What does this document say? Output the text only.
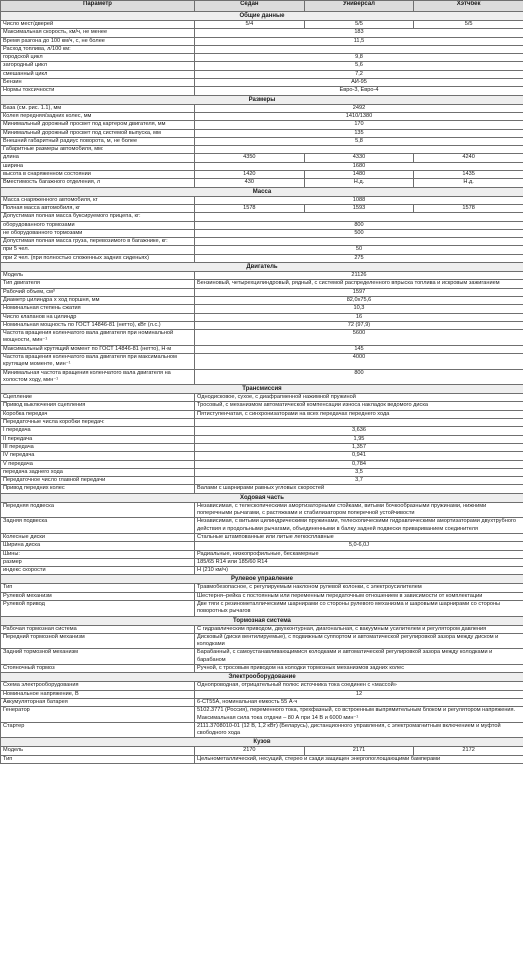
Параметр	Седан	Универсал	Хэтчбек
Общие данные			
Число мест/дверей	5/4	5/5	5/5
Максимальная скорость, км/ч, не менее	183		
Время разгона до 100 км/ч, с, не более	11,5		
Расход топлива, л/100 км:			
городской цикл	9,8		
загородный цикл	5,6		
смешанный цикл	7,2		
Бензин	АИ-95		
Нормы токсичности	Евро-3, Евро-4		
Размеры			
База (см. рис. 1.1), мм	2492		
Колея передняя/задних колес, мм	1410/1380		
Минимальный дорожный просвет под картером двигателя, мм	170		
Минимальный дорожный просвет под системой выпуска, мм	135		
Внешний габаритный радиус поворота, м, не более	5,8		
Габаритные размеры автомобиля, мм:			
длина	4350	4330	4240
ширина	1680		
высота в снаряженном состоянии	1420	1480	1435
Вместимость багажного отделения, л	430	Н.д.	Н.д.
Масса			
Масса снаряженного автомобиля, кг	1088		
Полная масса автомобиля, кг	1578	1593	1578
Допустимая полная масса буксируемого прицепа, кг:			
оборудованного тормозами	800		
не оборудованного тормозами	500		
Допустимая полная масса груза, перевозимого в багажнике, кг:			
при 5 чел.	50		
при 2 чел. (при полностью сложенных задних сиденьях)	275		
Двигатель			
Модель	21126		
Тип двигателя	Бензиновый, четырехцилиндровый, рядный, с системой распределенного впрыска топлива и искровым зажиганием		
Рабочий объем, см³	1597		
Диаметр цилиндра х ход поршня, мм	82,0х75,6		
Номинальная степень сжатия	10,3		
Число клапанов на цилиндр	16		
Номинальная мощность по ГОСТ 14846-81 (нетто), кВт (л.с.)	72 (97,9)		
Частота вращения коленчатого вала двигателя при номинальной мощности, мин⁻¹	5600		
Максимальный крутящий момент по ГОСТ 14846-81 (нетто), Н·м	145		
Частота вращения коленчатого вала двигателя при максимальном крутящем моменте, мин⁻¹	4000		
Минимальная частота вращения коленчатого вала двигателя на холостом ходу, мин⁻¹	800		
Трансмиссия			
Сцепление	Однодисковое, сухое, с диафрагменной нажимной пружиной		
Привод выключения сцепления	Тросовый, с механизмом автоматической компенсации износа накладок ведомого диска		
Коробка передач	Пятиступенчатая, с синхронизаторами на всех передачах переднего хода		
Передаточные числа коробки передач:			
I передача	3,636		
II передача	1,95		
III передача	1,357		
IV передача	0,941		
V передача	0,784		
передача заднего хода	3,5		
Передаточное число главной передачи	3,7		
Привод передних колес	Валами с шарнирами равных угловых скоростей		
Ходовая часть			
Передняя подвеска	Независимая, с телескопическими амортизаторными стойками, витыми бочкообразными пружинами, нижними поперечными рычагами, с растяжками и стабилизатором поперечной устойчивости		
Задняя подвеска	Независимая, с витыми цилиндрическими пружинами, телескопическими гидравлическими амортизаторами двухтрубного действия и продольными рычагами, объединенными в балку задней подвески привариванием соединителя		
Колесные диски	Стальные штампованные или литые легкосплавные		
Ширина диска	5,0-6,0J		
Шины:	Радиальные, низкопрофильные, бескамерные		
размер	185/65 R14 или 185/60 R14		
индекс скорости	H (210 км/ч)		
Рулевое управление			
Тип	Травмобезопасное, с регулируемым наклоном рулевой колонки, с электроусилителем		
Рулевой механизм	Шестерня–рейка с постоянным или переменным передаточным отношением в зависимости от комплектации		
Рулевой привод	Две тяги с резинометаллическими шарнирами со стороны рулевого механизма и шаровыми шарнирами со стороны поворотных рычагов		
Тормозная система			
Рабочая тормозная система	С гидравлическим приводом, двухконтурная, диагональная, с вакуумным усилителем и регулятором давления		
Передний тормозной механизм	Дисковый (диски вентилируемые), с подвижным суппортом и автоматической регулировкой зазора между диском и колодками		
Задний тормозной механизм	Барабанный, с самоустанавливающимися колодками и автоматической регулировкой зазора между колодками и барабаном		
Стояночный тормоз	Ручной, с тросовым приводом на колодки тормозных механизмов задних колес		
Электрооборудование			
Схема электрооборудования	Однопроводная, отрицательный полюс источника тока соединен с «массой»		
Номинальное напряжение, В	12		
Аккумуляторная батарея	6-СТ55А, номинальная емкость 55 А·ч		
Генератор	5102.3771 (Россия), переменного тока, трехфазный, со встроенным выпрямительным блоком и регулятором напряжения. Максимальная сила тока отдачи – 80 А при 14 В и 6000 мин⁻¹		
Стартер	2111.3708010-01 (12 В, 1,2 кВт) (Беларусь), дистанционного управления, с электромагнитным включением и муфтой свободного хода		
Кузов			
Модель	2170	2171	2172
Тип	Цельнометаллический, несущий, стерео и сзади защищен энергопоглощающими бамперами		
